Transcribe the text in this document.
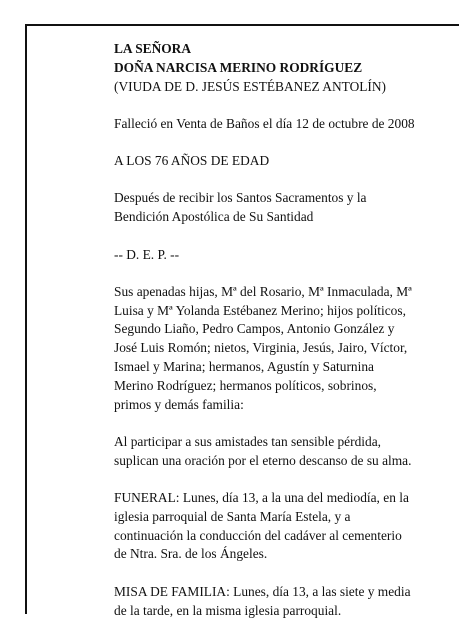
LA SEÑORA
DOÑA NARCISA MERINO RODRÍGUEZ
(VIUDA DE D. JESÚS ESTÉBANEZ ANTOLÍN)
Falleció en Venta de Baños el día 12 de octubre de 2008
A LOS 76 AÑOS DE EDAD
Después de recibir los Santos Sacramentos y la
Bendición Apostólica de Su Santidad
-- D. E. P. --
Sus apenadas hijas, Mª del Rosario, Mª Inmaculada, Mª
Luisa y Mª Yolanda Estébanez Merino; hijos políticos,
Segundo Liaño, Pedro Campos, Antonio González y
José Luis Romón; nietos, Virginia, Jesús, Jairo, Víctor,
Ismael y Marina; hermanos, Agustín y Saturnina
Merino Rodríguez; hermanos políticos, sobrinos,
primos y demás familia:
Al participar a sus amistades tan sensible pérdida,
suplican una oración por el eterno descanso de su alma.
FUNERAL: Lunes, día 13, a la una del mediodía, en la
iglesia parroquial de Santa María Estela, y a
continuación la conducción del cadáver al cementerio
de Ntra. Sra. de los Ángeles.
MISA DE FAMILIA: Lunes, día 13, a las siete y media
de la tarde, en la misma iglesia parroquial.
